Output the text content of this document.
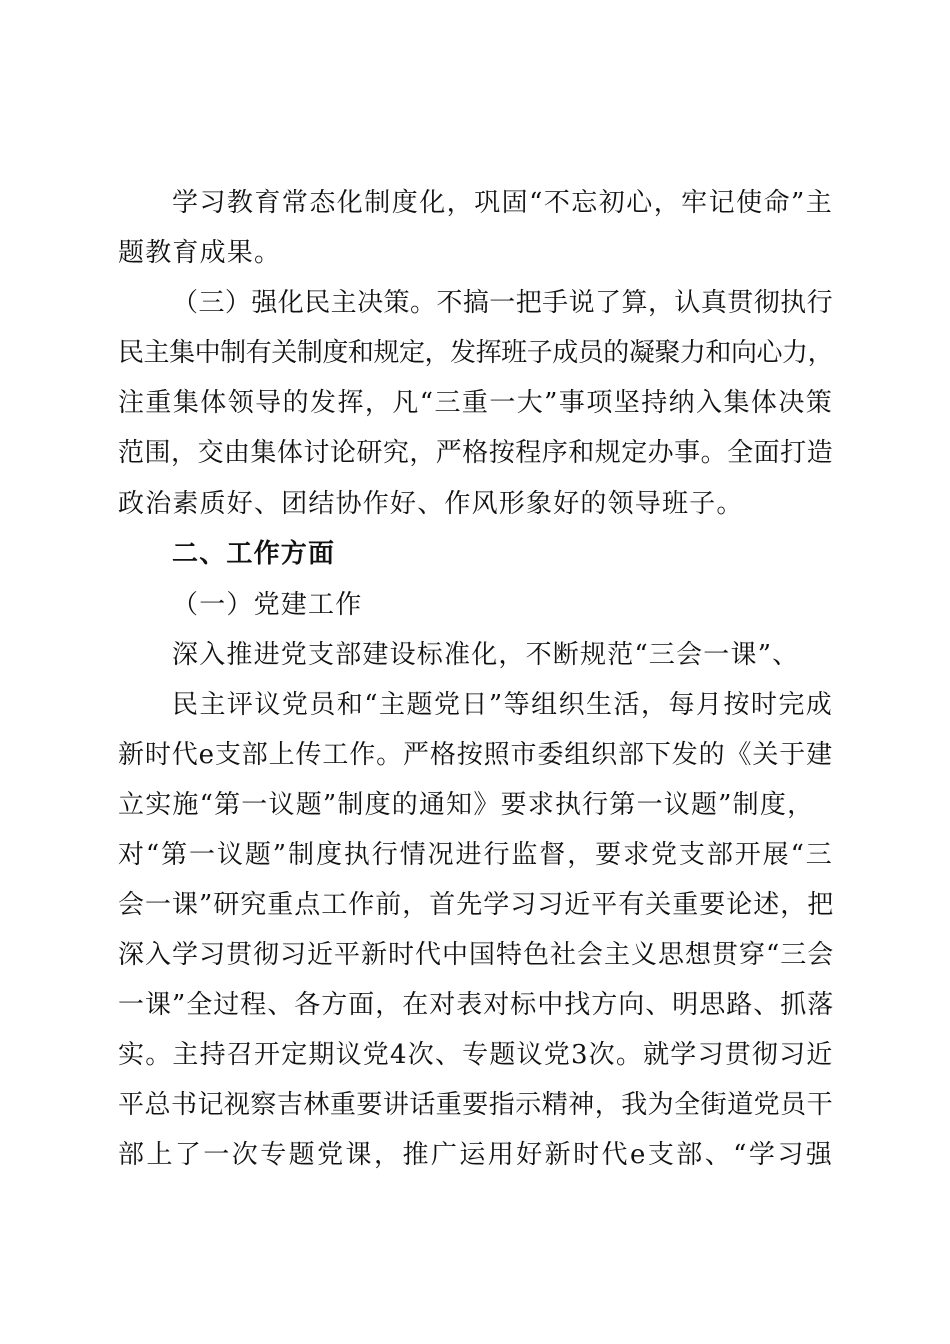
学习教育常态化制度化，巩固“不忘初心，牢记使命”主
题教育成果。
（三）强化民主决策。不搞一把手说了算，认真贯彻执行
民主集中制有关制度和规定，发挥班子成员的凝聚力和向心力，
注重集体领导的发挥，凡“三重一大”事项坚持纳入集体决策
范围，交由集体讨论研究，严格按程序和规定办事。全面打造
政治素质好、团结协作好、作风形象好的领导班子。
二、工作方面
（一）党建工作
深入推进党支部建设标准化，不断规范“三会一课”、
民主评议党员和“主题党日”等组织生活，每月按时完成
新时代e支部上传工作。严格按照市委组织部下发的《关于建
立实施“第一议题”制度的通知》要求执行第一议题”制度，
对“第一议题”制度执行情况进行监督，要求党支部开展“三
会一课”研究重点工作前，首先学习习近平有关重要论述，把
深入学习贯彻习近平新时代中国特色社会主义思想贯穿“三会
一课”全过程、各方面，在对表对标中找方向、明思路、抓落
实。主持召开定期议党4次、专题议党3次。就学习贯彻习近
平总书记视察吉林重要讲话重要指示精神，我为全街道党员干
部上了一次专题党课，推广运用好新时代e支部、“学习强
